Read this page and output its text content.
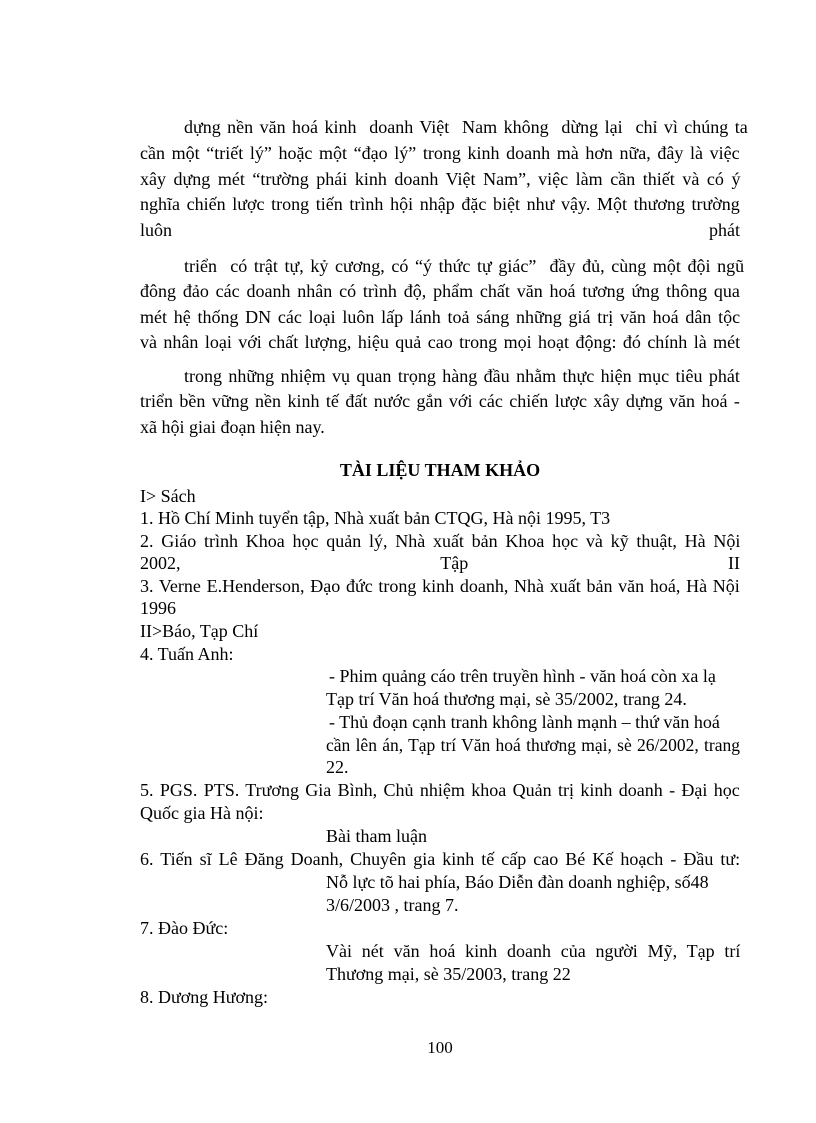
dựng nền văn hoá kinh  doanh Việt  Nam không  dừng lại  chỉ vì chúng ta
cần một “triết lý” hoặc một “đạo lý” trong kinh doanh mà hơn nữa, đây là việc
xây dựng mét “trường phái kinh doanh Việt Nam”, việc làm cần thiết và có ý
nghĩa chiến lược trong tiến trình hội nhập đặc biệt như vậy. Một thương trường
luôn	phát
triển  có trật tự, kỷ cương, có “ý thức tự giác”  đầy đủ, cùng một đội ngũ
đông đảo các doanh nhân có trình độ, phẩm chất văn hoá tương ứng thông qua
mét hệ thống DN các loại luôn lấp lánh toả sáng những giá trị văn hoá dân tộc
và nhân loại với chất lượng, hiệu quả cao trong mọi hoạt động: đó chính là mét
trong những nhiệm vụ quan trọng hàng đầu nhằm thực hiện mục tiêu phát
triển bền vững nền kinh tế đất nước gắn với các chiến lược xây dựng văn hoá -
xã hội giai đoạn hiện nay.
TÀI LIỆU THAM KHẢO
I> Sách
1. Hồ Chí Minh tuyển tập, Nhà xuất bản CTQG, Hà nội 1995, T3
2. Giáo trình Khoa học quản lý, Nhà xuất bản Khoa học và kỹ thuật, Hà Nội
2002,	Tập	II
3. Verne E.Henderson, Đạo đức trong kinh doanh, Nhà xuất bản văn hoá, Hà Nội
1996
II>Báo, Tạp Chí
4. Tuấn Anh:
- Phim quảng cáo trên truyền hình - văn hoá còn xa lạ
Tạp trí Văn hoá thương mại, sè 35/2002, trang 24.
- Thủ đoạn cạnh tranh không lành mạnh – thứ văn hoá
cần lên án, Tạp trí Văn hoá thương mại, sè 26/2002, trang
22.
5. PGS. PTS. Trương Gia Bình, Chủ nhiệm khoa Quản trị kinh doanh - Đại học
Quốc gia Hà nội:
Bài tham luận
6. Tiến sĩ Lê Đăng Doanh, Chuyên gia kinh tế cấp cao Bé Kế hoạch - Đầu tư:
Nỗ lực tõ hai phía, Báo Diễn đàn doanh nghiệp, số48
3/6/2003 , trang 7.
7. Đào Đức:
Vài nét văn hoá kinh doanh của người Mỹ, Tạp trí
Thương mại, sè 35/2003, trang 22
8. Dương Hương:
100
